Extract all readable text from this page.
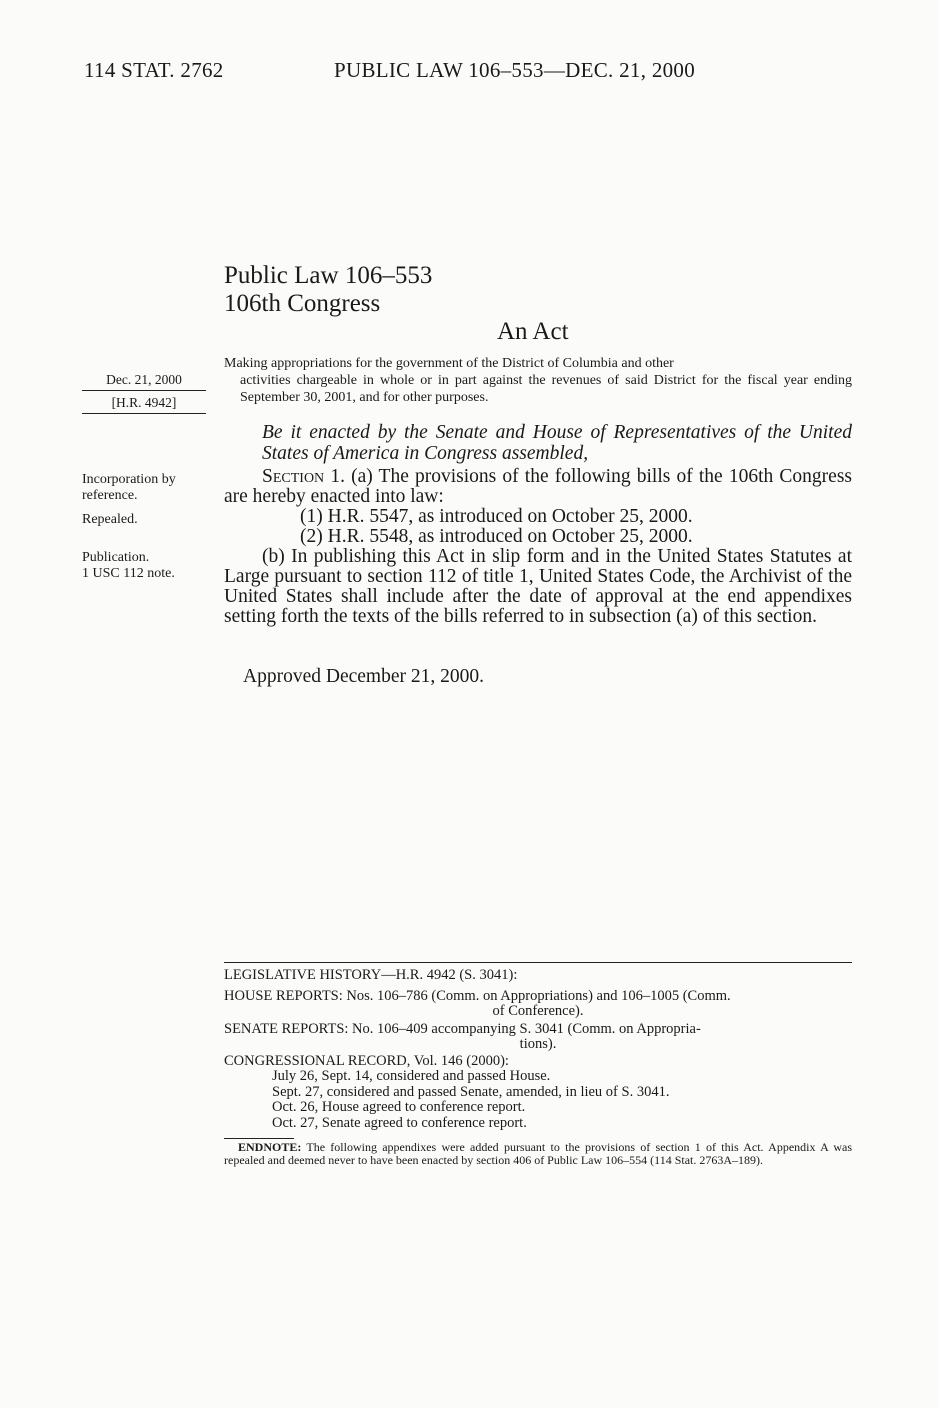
114 STAT. 2762	PUBLIC LAW 106–553—DEC. 21, 2000
Public Law 106–553
106th Congress
An Act
Dec. 21, 2000
[H.R. 4942]
Making appropriations for the government of the District of Columbia and other
activities chargeable in whole or in part against the revenues of said District for the fiscal year ending September 30, 2001, and for other purposes.
Be it enacted by the Senate and House of Representatives of the United States of America in Congress assembled,
Incorporation by reference.
Repealed.
Publication.
1 USC 112 note.

Section 1. (a) The provisions of the following bills of the 106th Congress are hereby enacted into law:

(1) H.R. 5547, as introduced on October 25, 2000.

(2) H.R. 5548, as introduced on October 25, 2000.

(b) In publishing this Act in slip form and in the United States Statutes at Large pursuant to section 112 of title 1, United States Code, the Archivist of the United States shall include after the date of approval at the end appendixes setting forth the texts of the bills referred to in subsection (a) of this section.

Approved December 21, 2000.

LEGISLATIVE HISTORY—H.R. 4942 (S. 3041):

HOUSE REPORTS: Nos. 106–786 (Comm. on Appropriations) and 106–1005 (Comm.
of Conference).

SENATE REPORTS: No. 106–409 accompanying S. 3041 (Comm. on Appropria-
tions).

CONGRESSIONAL RECORD, Vol. 146 (2000):

July 26, Sept. 14, considered and passed House.

Sept. 27, considered and passed Senate, amended, in lieu of S. 3041.

Oct. 26, House agreed to conference report.

Oct. 27, Senate agreed to conference report.

ENDNOTE: The following appendixes were added pursuant to the provisions of section 1 of this Act. Appendix A was repealed and deemed never to have been enacted by section 406 of Public Law 106–554 (114 Stat. 2763A–189).
